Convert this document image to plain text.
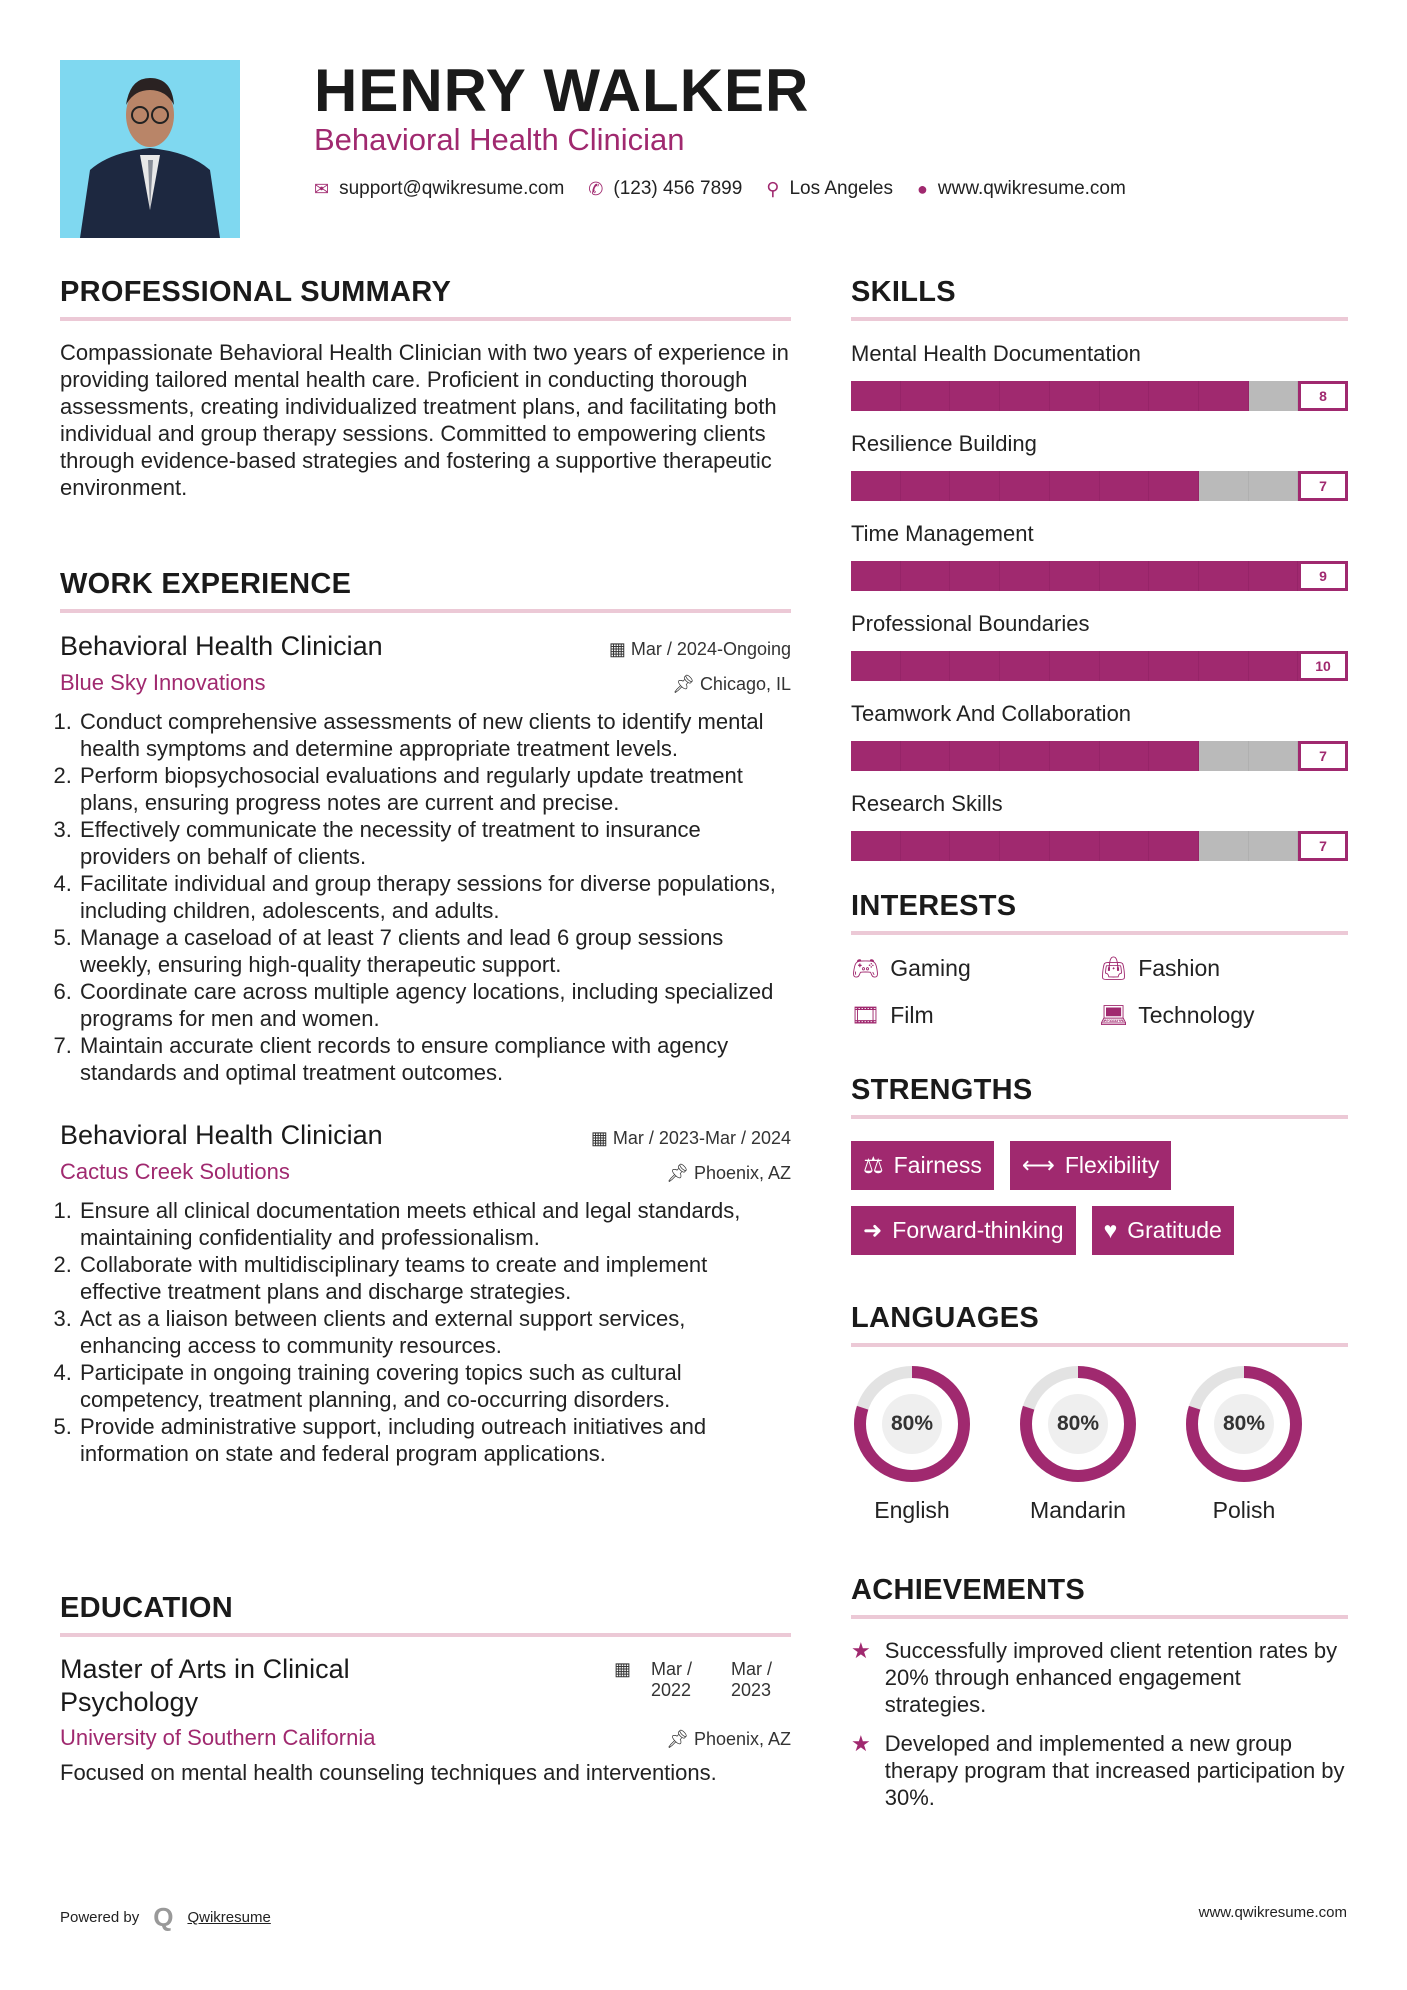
HENRY WALKER
Behavioral Health Clinician
✉ support@qwikresume.com ✆ (123) 456 7899 ⚲ Los Angeles ● www.qwikresume.com
PROFESSIONAL SUMMARY

Compassionate Behavioral Health Clinician with two years of experience in providing tailored mental health care. Proficient in conducting thorough assessments, creating individualized treatment plans, and facilitating both individual and group therapy sessions. Committed to empowering clients through evidence-based strategies and fostering a supportive therapeutic environment.

WORK EXPERIENCE
Behavioral Health Clinician	▦ Mar / 2024-Ongoing
Blue Sky Innovations	📌︎ Chicago, IL
1. Conduct comprehensive assessments of new clients to identify mental health symptoms and determine appropriate treatment levels.
2. Perform biopsychosocial evaluations and regularly update treatment plans, ensuring progress notes are current and precise.
3. Effectively communicate the necessity of treatment to insurance providers on behalf of clients.
4. Facilitate individual and group therapy sessions for diverse populations, including children, adolescents, and adults.
5. Manage a caseload of at least 7 clients and lead 6 group sessions weekly, ensuring high-quality therapeutic support.
6. Coordinate care across multiple agency locations, including specialized programs for men and women.
7. Maintain accurate client records to ensure compliance with agency standards and optimal treatment outcomes.
Behavioral Health Clinician	▦ Mar / 2023-Mar / 2024
Cactus Creek Solutions	📌︎ Phoenix, AZ
1. Ensure all clinical documentation meets ethical and legal standards, maintaining confidentiality and professionalism.
2. Collaborate with multidisciplinary teams to create and implement effective treatment plans and discharge strategies.
3. Act as a liaison between clients and external support services, enhancing access to community resources.
4. Participate in ongoing training covering topics such as cultural competency, treatment planning, and co-occurring disorders.
5. Provide administrative support, including outreach initiatives and information on state and federal program applications.
EDUCATION
Master of Arts in Clinical Psychology
▦ Mar / 2022
Mar / 2023
University of Southern California	📌︎ Phoenix, AZ

Focused on mental health counseling techniques and interventions.

SKILLS
Mental Health Documentation
8
Resilience Building
7
Time Management
9
Professional Boundaries
10
Teamwork And Collaboration
7
Research Skills
7
INTERESTS
🎮︎ Gaming	👜︎ Fashion
🎞︎ Film	💻︎ Technology
STRENGTHS
⚖ Fairness ⟷ Flexibility
➜ Forward-thinking ♥ Gratitude
LANGUAGES
80%
English
80%
Mandarin
80%
Polish
ACHIEVEMENTS
★ Successfully improved client retention rates by 20% through enhanced engagement strategies.
★ Developed and implemented a new group therapy program that increased participation by 30%.
Powered by Q Qwikresume	www.qwikresume.com
